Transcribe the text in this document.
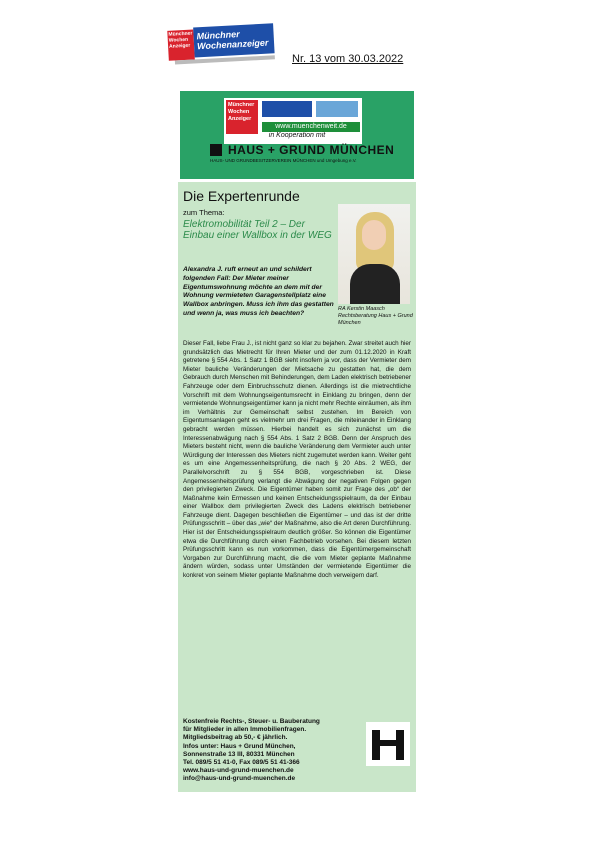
Münchner Wochen Anzeiger
Münchner Wochenanzeiger
Nr. 13 vom 30.03.2022
Münchner Wochen Anzeiger
www.muenchenweit.de
in Kooperation mit
HAUS + GRUND MÜNCHEN
HAUS- UND GRUNDBESITZERVEREIN MÜNCHEN und Umgebung e.V.
Die Expertenrunde
zum Thema:
Elektromobilität Teil 2 – Der Einbau einer Wallbox in der WEG
Alexandra J. ruft erneut an und schildert folgenden Fall: Der Mieter meiner Eigentumswohnung möchte an dem mit der Wohnung vermieteten Garagenstellplatz eine Wallbox anbringen. Muss ich ihm das gestatten und wenn ja, was muss ich beachten?
RA Kerstin Maasch Rechtsberatung Haus + Grund München
Dieser Fall, liebe Frau J., ist nicht ganz so klar zu bejahen. Zwar streitet auch hier grundsätzlich das Mietrecht für Ihren Mieter und der zum 01.12.2020 in Kraft getretene § 554 Abs. 1 Satz 1 BGB sieht insofern ja vor, dass der Vermieter dem Mieter bauliche Veränderungen der Mietsache zu gestatten hat, die dem Gebrauch durch Menschen mit Behinderungen, dem Laden elektrisch betriebener Fahrzeuge oder dem Einbruchsschutz dienen. Allerdings ist die mietrechtliche Vorschrift mit dem Wohnungseigentumsrecht in Einklang zu bringen, denn der vermietende Wohnungseigentümer kann ja nicht mehr Rechte einräumen, als ihm im Verhältnis zur Gemeinschaft selbst zustehen. Im Bereich von Eigentumsanlagen geht es vielmehr um drei Fragen, die miteinander in Einklang gebracht werden müssen. Hierbei handelt es sich zunächst um die Interessenabwägung nach § 554 Abs. 1 Satz 2 BGB. Denn der Anspruch des Mieters besteht nicht, wenn die bauliche Veränderung dem Vermieter auch unter Würdigung der Interessen des Mieters nicht zugemutet werden kann. Weiter geht es um eine Angemessenheitsprüfung, die nach § 20 Abs. 2 WEG, der Parallelvorschrift zu § 554 BGB, vorgeschrieben ist. Diese Angemessenheitsprüfung verlangt die Abwägung der negativen Folgen gegen den privilegierten Zweck. Die Eigentümer haben somit zur Frage des „ob“ der Maßnahme kein Ermessen und keinen Entscheidungsspielraum, da der Einbau einer Wallbox dem privilegierten Zweck des Ladens elektrisch betriebener Fahrzeuge dient. Dagegen beschließen die Eigentümer – und das ist der dritte Prüfungsschritt – über das „wie“ der Maßnahme, also die Art deren Durchführung. Hier ist der Entscheidungsspielraum deutlich größer. So können die Eigentümer etwa die Durchführung durch einen Fachbetrieb vorsehen. Bei diesem letzten Prüfungsschritt kann es nun vorkommen, dass die Eigentümergemeinschaft Vorgaben zur Durchführung macht, die die vom Mieter geplante Maßnahme ändern würden, sodass unter Umständen der vermietende Eigentümer die konkret von seinem Mieter geplante Maßnahme doch verweigern darf.
Kostenfreie Rechts-, Steuer- u. Bauberatung
für Mitglieder in allen Immobilienfragen.
Mitgliedsbeitrag ab 50,- € jährlich.
Infos unter: Haus + Grund München,
Sonnenstraße 13 III, 80331 München
Tel. 089/5 51 41-0, Fax 089/5 51 41-366
www.haus-und-grund-muenchen.de
info@haus-und-grund-muenchen.de
